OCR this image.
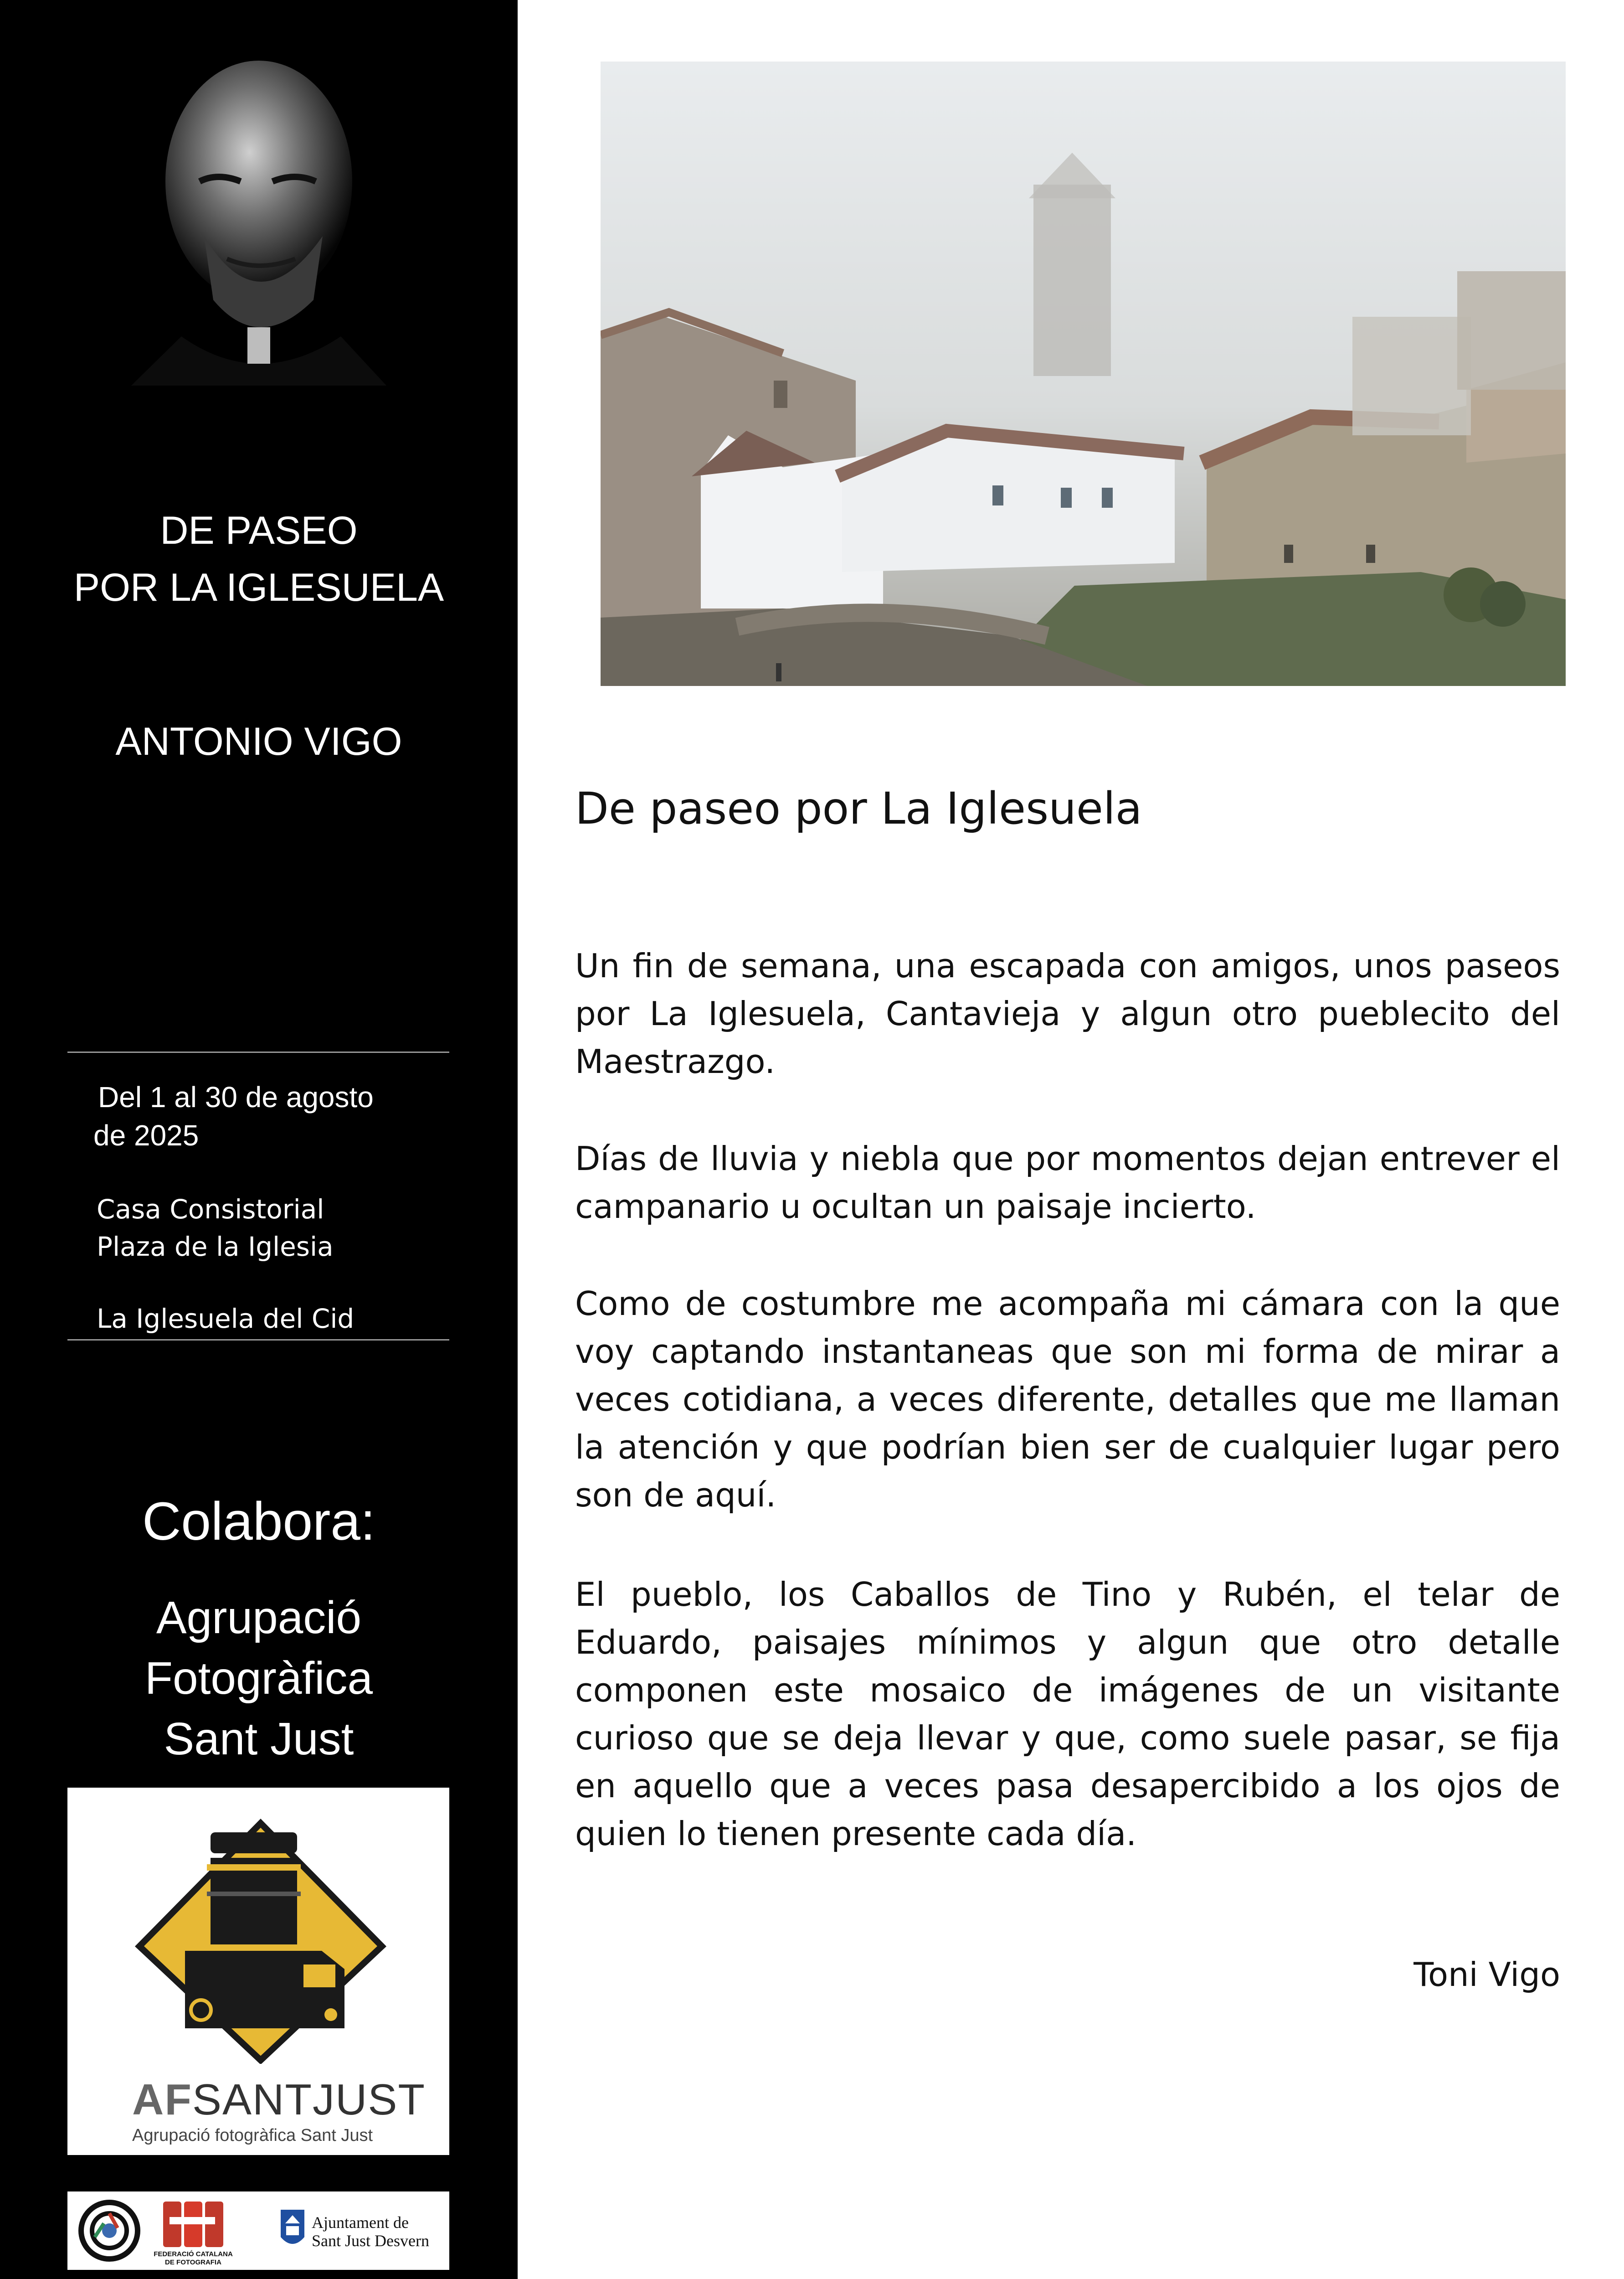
DE PASEO
POR LA IGLESUELA
ANTONIO VIGO
Del 1 al 30 de agosto
de 2025
Casa Consistorial
Plaza de la Iglesia
La Iglesuela del Cid
Colabora:
Agrupació
Fotogràfica
Sant Just
AFSANTJUST
Agrupació fotogràfica Sant Just
FEDERACIÓ CATALANA
DE FOTOGRAFIA
Ajuntament de
Sant Just Desvern
De paseo por La Iglesuela

Un fin de semana, una escapada con amigos, unos paseos por La Iglesuela, Cantavieja y algun otro pueblecito del Maestrazgo.

Días de lluvia y niebla que por momentos dejan entrever el campanario u ocultan un paisaje incierto.

Como de costumbre me acompaña mi cámara con la que voy captando instantaneas que son mi forma de mirar a veces cotidiana, a veces diferente, detalles que me llaman la atención y que podrían bien ser de cualquier lugar pero son de aquí.

El pueblo, los Caballos de Tino y Rubén, el telar de Eduardo, paisajes mínimos y algun que otro detalle componen este mosaico de imágenes de un visitante curioso que se deja llevar y que, como suele pasar, se fija en aquello que a veces pasa desapercibido a los ojos de quien lo tienen presente cada día.

Toni Vigo
